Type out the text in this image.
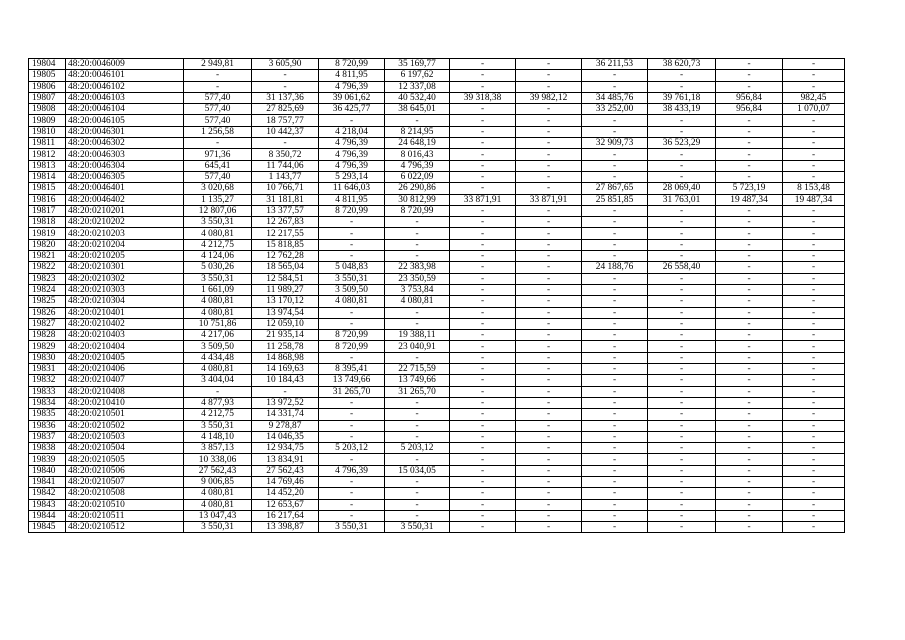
19804	48:20:0046009	2 949,81	3 605,90	8 720,99	35 169,77	-	-	36 211,53	38 620,73	-	-
19805	48:20:0046101	-	-	4 811,95	6 197,62	-	-	-	-	-	-
19806	48:20:0046102	-	-	4 796,39	12 337,08	-	-	-	-	-	-
19807	48:20:0046103	577,40	31 137,36	39 061,62	40 532,40	39 318,38	39 982,12	34 485,76	39 761,18	956,84	982,45
19808	48:20:0046104	577,40	27 825,69	36 425,77	38 645,01	-	-	33 252,00	38 433,19	956,84	1 070,07
19809	48:20:0046105	577,40	18 757,77	-	-	-	-	-	-	-	-
19810	48:20:0046301	1 256,58	10 442,37	4 218,04	8 214,95	-	-	-	-	-	-
19811	48:20:0046302	-	-	4 796,39	24 648,19	-	-	32 909,73	36 523,29	-	-
19812	48:20:0046303	971,36	8 350,72	4 796,39	8 016,43	-	-	-	-	-	-
19813	48:20:0046304	645,41	11 744,06	4 796,39	4 796,39	-	-	-	-	-	-
19814	48:20:0046305	577,40	1 143,77	5 293,14	6 022,09	-	-	-	-	-	-
19815	48:20:0046401	3 020,68	10 766,71	11 646,03	26 290,86	-	-	27 867,65	28 069,40	5 723,19	8 153,48
19816	48:20:0046402	1 135,27	31 181,81	4 811,95	30 812,99	33 871,91	33 871,91	25 851,85	31 763,01	19 487,34	19 487,34
19817	48:20:0210201	12 807,06	13 377,57	8 720,99	8 720,99	-	-	-	-	-	-
19818	48:20:0210202	3 550,31	12 267,83	-	-	-	-	-	-	-	-
19819	48:20:0210203	4 080,81	12 217,55	-	-	-	-	-	-	-	-
19820	48:20:0210204	4 212,75	15 818,85	-	-	-	-	-	-	-	-
19821	48:20:0210205	4 124,06	12 762,28	-	-	-	-	-	-	-	-
19822	48:20:0210301	5 030,26	18 565,04	5 048,83	22 383,98	-	-	24 188,76	26 558,40	-	-
19823	48:20:0210302	3 550,31	12 584,51	3 550,31	23 350,59	-	-	-	-	-	-
19824	48:20:0210303	1 661,09	11 989,27	3 509,50	3 753,84	-	-	-	-	-	-
19825	48:20:0210304	4 080,81	13 170,12	4 080,81	4 080,81	-	-	-	-	-	-
19826	48:20:0210401	4 080,81	13 974,54	-	-	-	-	-	-	-	-
19827	48:20:0210402	10 751,86	12 059,10	-	-	-	-	-	-	-	-
19828	48:20:0210403	4 217,06	21 935,14	8 720,99	19 388,11	-	-	-	-	-	-
19829	48:20:0210404	3 509,50	11 258,78	8 720,99	23 040,91	-	-	-	-	-	-
19830	48:20:0210405	4 434,48	14 868,98	-	-	-	-	-	-	-	-
19831	48:20:0210406	4 080,81	14 169,63	8 395,41	22 715,59	-	-	-	-	-	-
19832	48:20:0210407	3 404,04	10 184,43	13 749,66	13 749,66	-	-	-	-	-	-
19833	48:20:0210408	-	-	31 265,70	31 265,70	-	-	-	-	-	-
19834	48:20:0210410	4 877,93	13 972,52	-	-	-	-	-	-	-	-
19835	48:20:0210501	4 212,75	14 331,74	-	-	-	-	-	-	-	-
19836	48:20:0210502	3 550,31	9 278,87	-	-	-	-	-	-	-	-
19837	48:20:0210503	4 148,10	14 046,35	-	-	-	-	-	-	-	-
19838	48:20:0210504	3 857,13	12 934,75	5 203,12	5 203,12	-	-	-	-	-	-
19839	48:20:0210505	10 338,06	13 834,91	-	-	-	-	-	-	-	-
19840	48:20:0210506	27 562,43	27 562,43	4 796,39	15 034,05	-	-	-	-	-	-
19841	48:20:0210507	9 006,85	14 769,46	-	-	-	-	-	-	-	-
19842	48:20:0210508	4 080,81	14 452,20	-	-	-	-	-	-	-	-
19843	48:20:0210510	4 080,81	12 653,67	-	-	-	-	-	-	-	-
19844	48:20:0210511	13 047,43	16 217,64	-	-	-	-	-	-	-	-
19845	48:20:0210512	3 550,31	13 398,87	3 550,31	3 550,31	-	-	-	-	-	-
